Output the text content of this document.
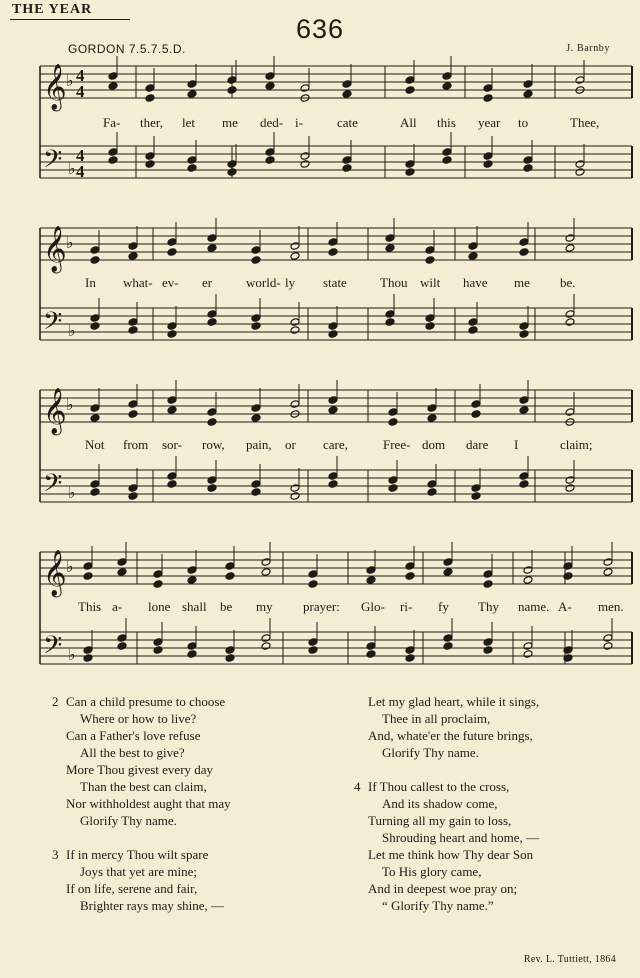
THE YEAR
636
GORDON 7.5.7.5.D.	J. Barnby
𝄞 ♭ 4
4
𝄢 ♭
4
4
𝄞 ♭
𝄢 ♭
𝄞 ♭
𝄢 ♭
𝄞 ♭
𝄢 ♭
Fa- ther, let me ded- i-	cate	All this year to	Thee,
In what- ev- er	world- ly state	Thou wilt have me be.
Not from sor- row, pain, or care,	Free- dom dare I	claim;
This a- lone shall be my prayer: Glo- ri- fy Thy name. A- men.
2 Can a child presume to choose
Where or how to live?
Can a Father's love refuse
All the best to give?
More Thou givest every day
Than the best can claim,
Nor withholdest aught that may
Glorify Thy name.
3 If in mercy Thou wilt spare
Joys that yet are mine;
If on life, serene and fair,
Brighter rays may shine, —
Let my glad heart, while it sings,
Thee in all proclaim,
And, whate'er the future brings,
Glorify Thy name.
4 If Thou callest to the cross,
And its shadow come,
Turning all my gain to loss,
Shrouding heart and home, —
Let me think how Thy dear Son
To His glory came,
And in deepest woe pray on;
“ Glorify Thy name.”
Rev. L. Tuttiett, 1864
